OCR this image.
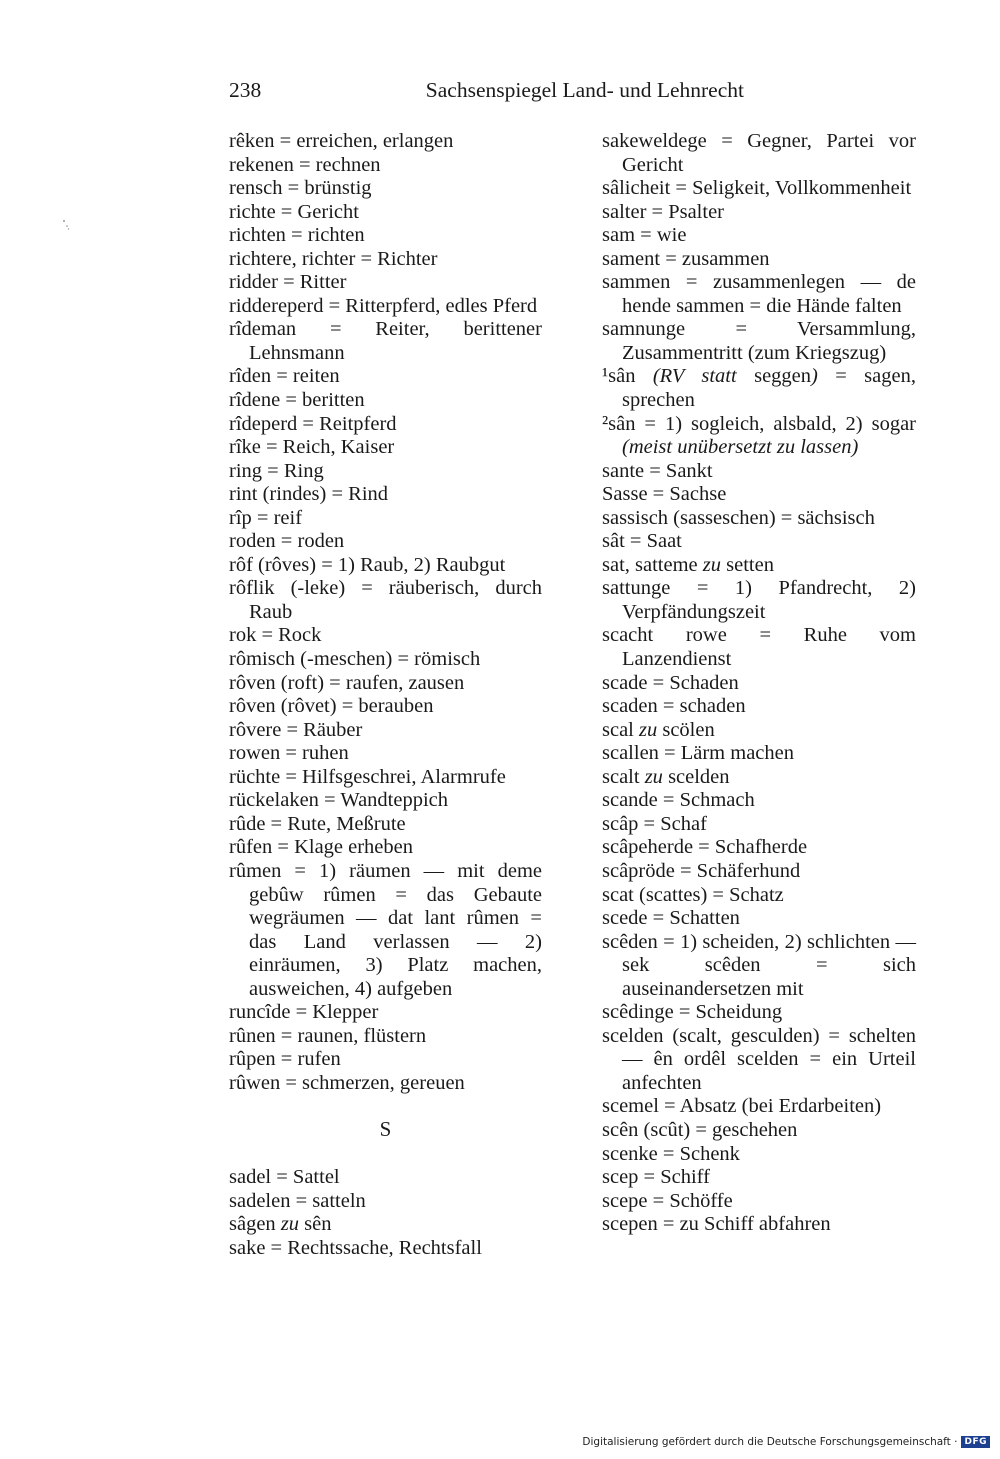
238	Sachsenspiegel Land- und Lehnrecht

rêken = erreichen, erlangen

rekenen = rechnen

rensch = brünstig

richte = Gericht

richten = richten

richtere, richter = Richter

ridder = Ritter

riddereperd = Ritterpferd, edles Pferd

rîdeman = Reiter, berittener Lehnsmann

rîden = reiten

rîdene = beritten

rîdeperd = Reitpferd

rîke = Reich, Kaiser

ring = Ring

rint (rindes) = Rind

rîp = reif

roden = roden

rôf (rôves) = 1) Raub, 2) Raubgut

rôflik (-leke) = räuberisch, durch Raub

rok = Rock

rômisch (-meschen) = römisch

rôven (roft) = raufen, zausen

rôven (rôvet) = berauben

rôvere = Räuber

rowen = ruhen

rüchte = Hilfsgeschrei, Alarmrufe

rückelaken = Wandteppich

rûde = Rute, Meßrute

rûfen = Klage erheben

rûmen = 1) räumen — mit deme gebûw rûmen = das Gebaute wegräumen — dat lant rûmen = das Land verlassen — 2) einräumen, 3) Platz machen, ausweichen, 4) aufgeben

runcîde = Klepper

rûnen = raunen, flüstern

rûpen = rufen

rûwen = schmerzen, gereuen

S

sadel = Sattel

sadelen = satteln

sâgen zu sên

sake = Rechtssache, Rechtsfall

sakeweldege = Gegner, Partei vor Gericht

sâlicheit = Seligkeit, Vollkommenheit

salter = Psalter

sam = wie

sament = zusammen

sammen = zusammenlegen — de hende sammen = die Hände falten

samnunge = Versammlung, Zusammentritt (zum Kriegszug)

¹sân (RV statt seggen) = sagen, sprechen

²sân = 1) sogleich, alsbald, 2) sogar (meist unübersetzt zu lassen)

sante = Sankt

Sasse = Sachse

sassisch (sasseschen) = sächsisch

sât = Saat

sat, satteme zu setten

sattunge = 1) Pfandrecht, 2) Verpfändungszeit

scacht rowe = Ruhe vom Lanzendienst

scade = Schaden

scaden = schaden

scal zu scölen

scallen = Lärm machen

scalt zu scelden

scande = Schmach

scâp = Schaf

scâpeherde = Schafherde

scâpröde = Schäferhund

scat (scattes) = Schatz

scede = Schatten

scêden = 1) scheiden, 2) schlichten — sek scêden = sich auseinandersetzen mit

scêdinge = Scheidung

scelden (scalt, gesculden) = schelten — ên ordêl scelden = ein Urteil anfechten

scemel = Absatz (bei Erdarbeiten)

scên (scût) = geschehen

scenke = Schenk

scep = Schiff

scepe = Schöffe

scepen = zu Schiff abfahren

Digitalisierung gefördert durch die Deutsche Forschungsgemeinschaft · DFG
